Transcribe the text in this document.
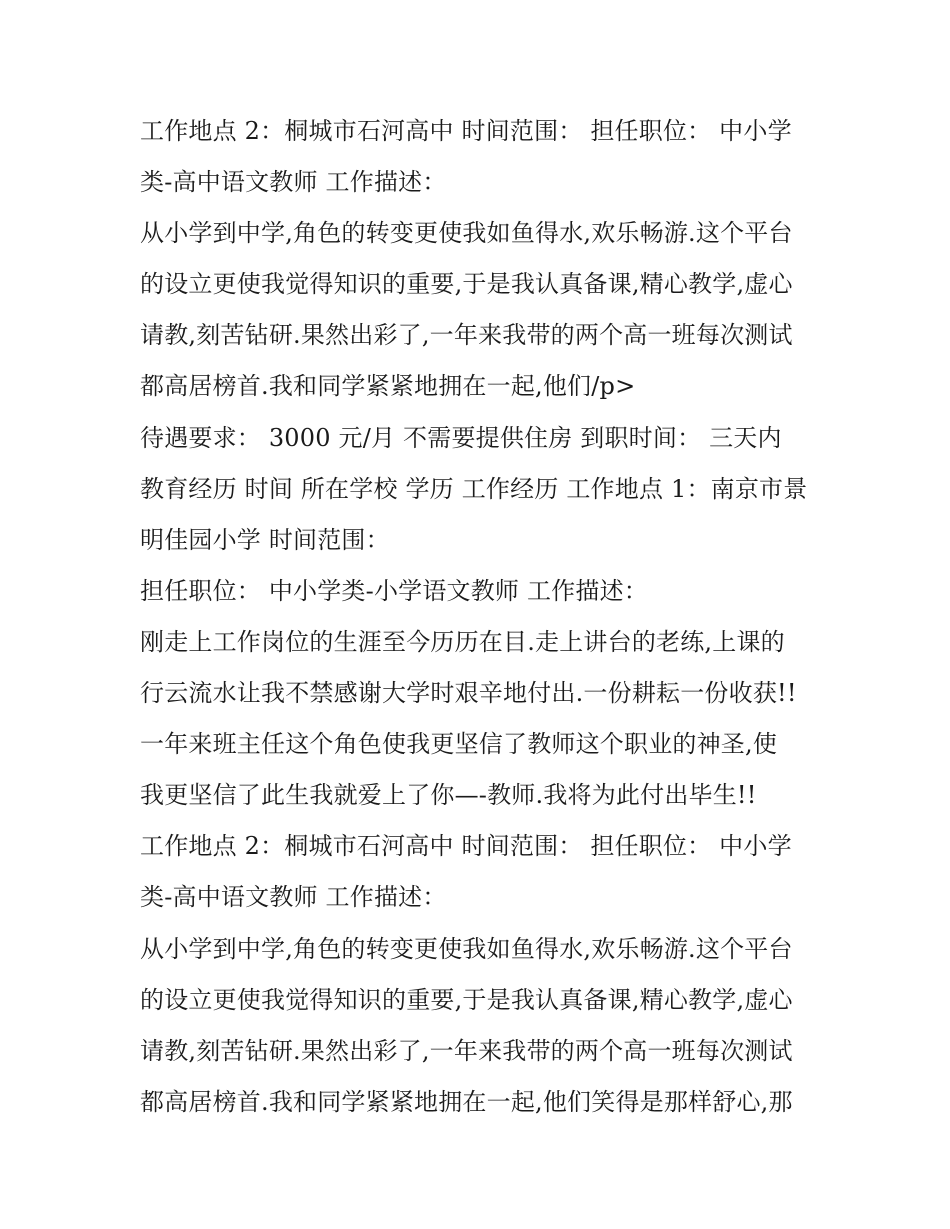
工作地点 2：桐城市石河高中 时间范围： 担任职位： 中小学
类-高中语文教师 工作描述：
从小学到中学,角色的转变更使我如鱼得水,欢乐畅游.这个平台
的设立更使我觉得知识的重要,于是我认真备课,精心教学,虚心
请教,刻苦钻研.果然出彩了,一年来我带的两个高一班每次测试
都高居榜首.我和同学紧紧地拥在一起,他们/p>
待遇要求： 3000 元/月 不需要提供住房 到职时间： 三天内
教育经历 时间 所在学校 学历 工作经历 工作地点 1：南京市景
明佳园小学 时间范围：
担任职位： 中小学类-小学语文教师 工作描述：
刚走上工作岗位的生涯至今历历在目.走上讲台的老练,上课的
行云流水让我不禁感谢大学时艰辛地付出.一份耕耘一份收获!!
一年来班主任这个角色使我更坚信了教师这个职业的神圣,使
我更坚信了此生我就爱上了你—-教师.我将为此付出毕生!!
工作地点 2：桐城市石河高中 时间范围： 担任职位： 中小学
类-高中语文教师 工作描述：
从小学到中学,角色的转变更使我如鱼得水,欢乐畅游.这个平台
的设立更使我觉得知识的重要,于是我认真备课,精心教学,虚心
请教,刻苦钻研.果然出彩了,一年来我带的两个高一班每次测试
都高居榜首.我和同学紧紧地拥在一起,他们笑得是那样舒心,那
